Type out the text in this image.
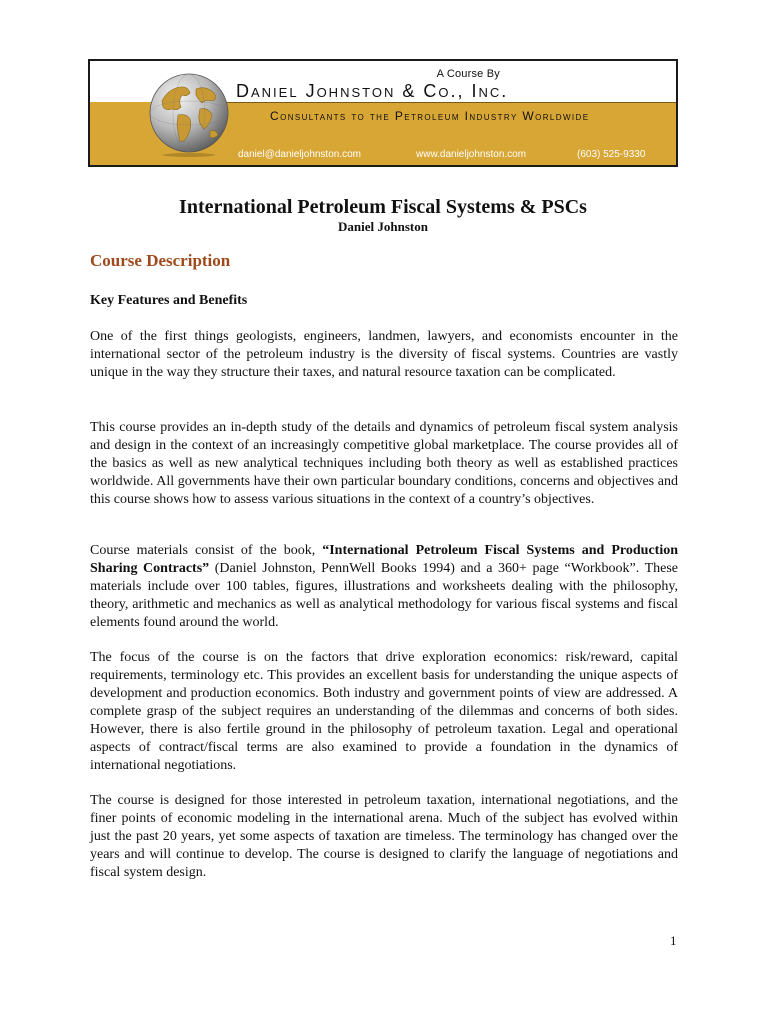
A Course By
Daniel Johnston & Co., Inc.
Consultants to the Petroleum Industry Worldwide
daniel@danieljohnston.com	www.danieljohnston.com	(603) 525-9330
International Petroleum Fiscal Systems & PSCs
Daniel Johnston
Course Description
Key Features and Benefits

One of the first things geologists, engineers, landmen, lawyers, and economists encounter in the international sector of the petroleum industry is the diversity of fiscal systems. Countries are vastly unique in the way they structure their taxes, and natural resource taxation can be complicated.

This course provides an in-depth study of the details and dynamics of petroleum fiscal system analysis and design in the context of an increasingly competitive global marketplace. The course provides all of the basics as well as new analytical techniques including both theory as well as established practices worldwide. All governments have their own particular boundary conditions, concerns and objectives and this course shows how to assess various situations in the context of a country’s objectives.

Course materials consist of the book, “International Petroleum Fiscal Systems and Production Sharing Contracts” (Daniel Johnston, PennWell Books 1994) and a 360+ page “Workbook”. These materials include over 100 tables, figures, illustrations and worksheets dealing with the philosophy, theory, arithmetic and mechanics as well as analytical methodology for various fiscal systems and fiscal elements found around the world.

The focus of the course is on the factors that drive exploration economics: risk/reward, capital requirements, terminology etc. This provides an excellent basis for understanding the unique aspects of development and production economics. Both industry and government points of view are addressed. A complete grasp of the subject requires an understanding of the dilemmas and concerns of both sides. However, there is also fertile ground in the philosophy of petroleum taxation. Legal and operational aspects of contract/fiscal terms are also examined to provide a foundation in the dynamics of international negotiations.

The course is designed for those interested in petroleum taxation, international negotiations, and the finer points of economic modeling in the international arena. Much of the subject has evolved within just the past 20 years, yet some aspects of taxation are timeless. The terminology has changed over the years and will continue to develop. The course is designed to clarify the language of negotiations and fiscal system design.

1
